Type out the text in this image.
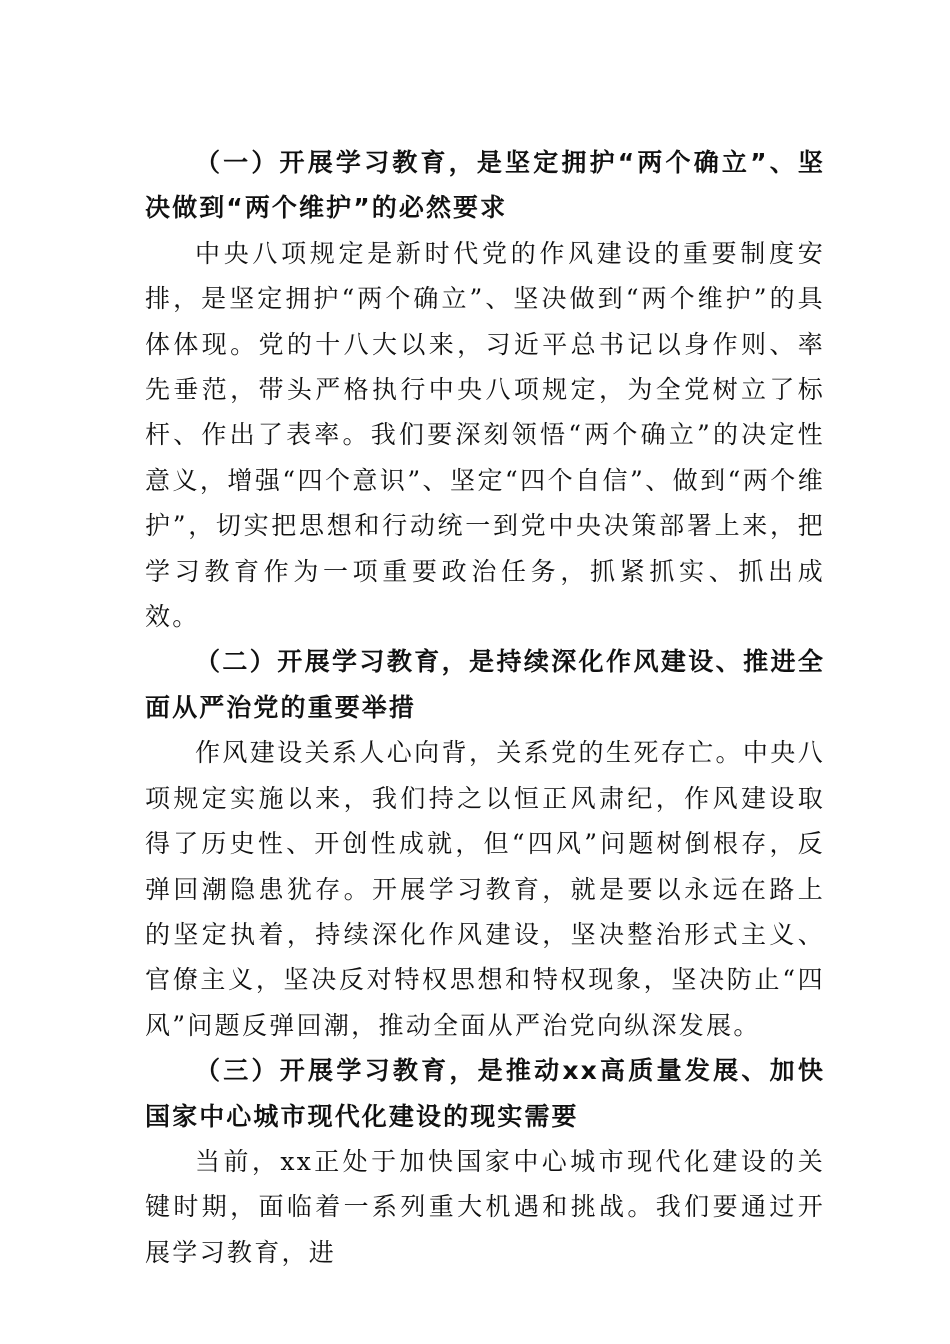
（一）开展学习教育，是坚定拥护“两个确立”、坚决做到“两个维护”的必然要求

中央八项规定是新时代党的作风建设的重要制度安排，是坚定拥护“两个确立”、坚决做到“两个维护”的具体体现。党的十八大以来，习近平总书记以身作则、率先垂范，带头严格执行中央八项规定，为全党树立了标杆、作出了表率。我们要深刻领悟“两个确立”的决定性意义，增强“四个意识”、坚定“四个自信”、做到“两个维护”，切实把思想和行动统一到党中央决策部署上来，把学习教育作为一项重要政治任务，抓紧抓实、抓出成效。

（二）开展学习教育，是持续深化作风建设、推进全面从严治党的重要举措

作风建设关系人心向背，关系党的生死存亡。中央八项规定实施以来，我们持之以恒正风肃纪，作风建设取得了历史性、开创性成就，但“四风”问题树倒根存，反弹回潮隐患犹存。开展学习教育，就是要以永远在路上的坚定执着，持续深化作风建设，坚决整治形式主义、官僚主义，坚决反对特权思想和特权现象，坚决防止“四风”问题反弹回潮，推动全面从严治党向纵深发展。

（三）开展学习教育，是推动xx高质量发展、加快国家中心城市现代化建设的现实需要

当前，xx正处于加快国家中心城市现代化建设的关键时期，面临着一系列重大机遇和挑战。我们要通过开展学习教育，进
